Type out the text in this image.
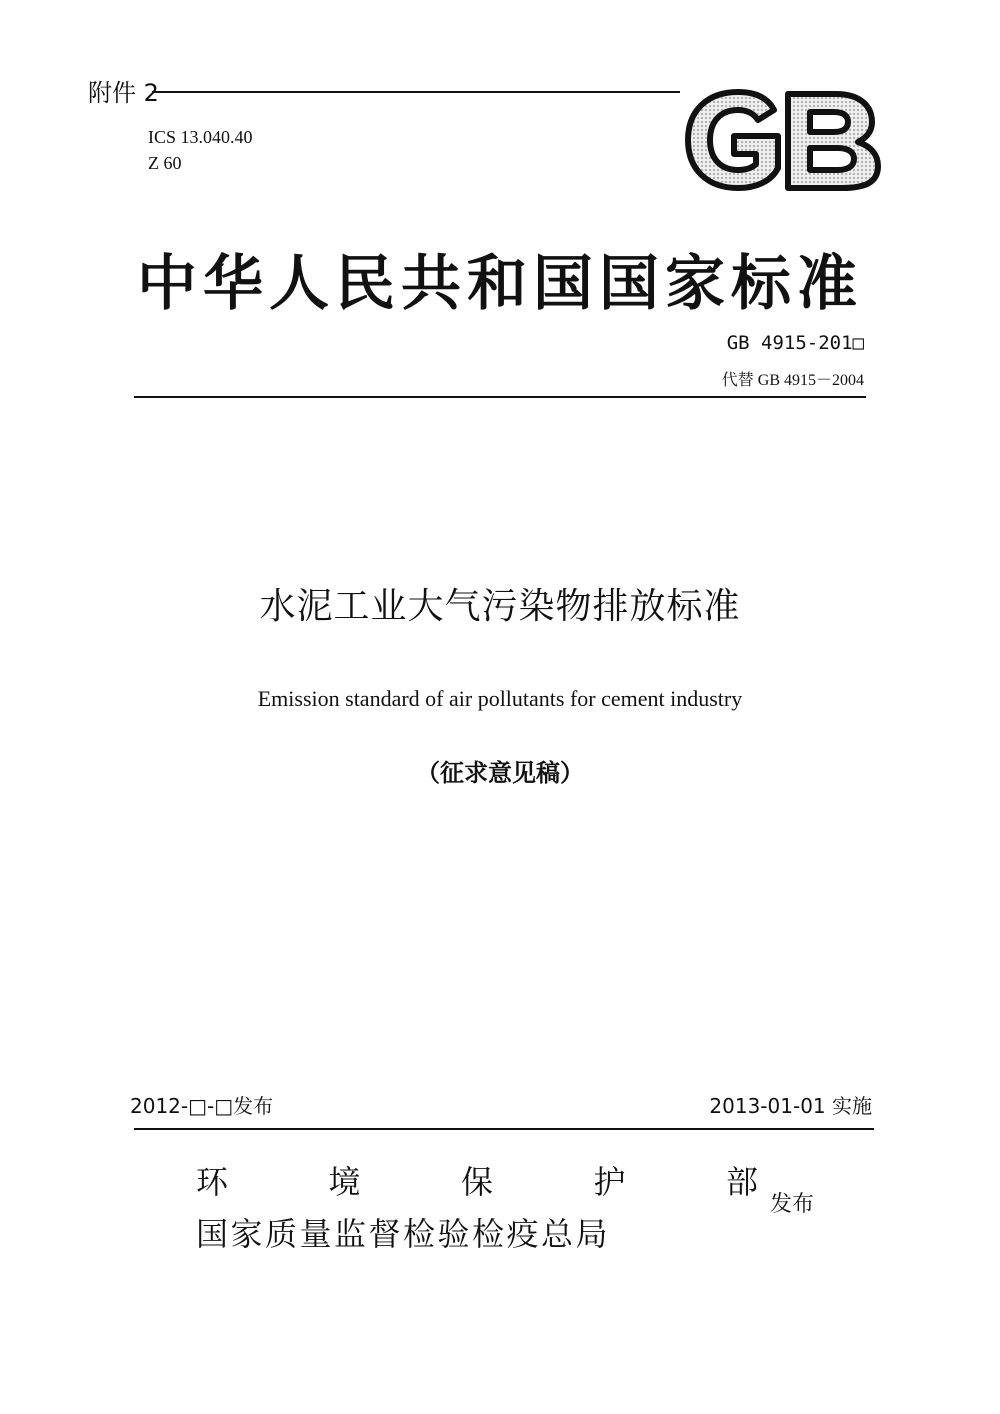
附件 2
ICS 13.040.40
Z 60
中华人民共和国国家标准
GB 4915-201□
代替 GB 4915－2004
水泥工业大气污染物排放标准
Emission standard of air pollutants for cement industry
（征求意见稿）
2012-□-□发布	2013-01-01 实施
环	境	保	护	部
国家质量监督检验检疫总局
发布
